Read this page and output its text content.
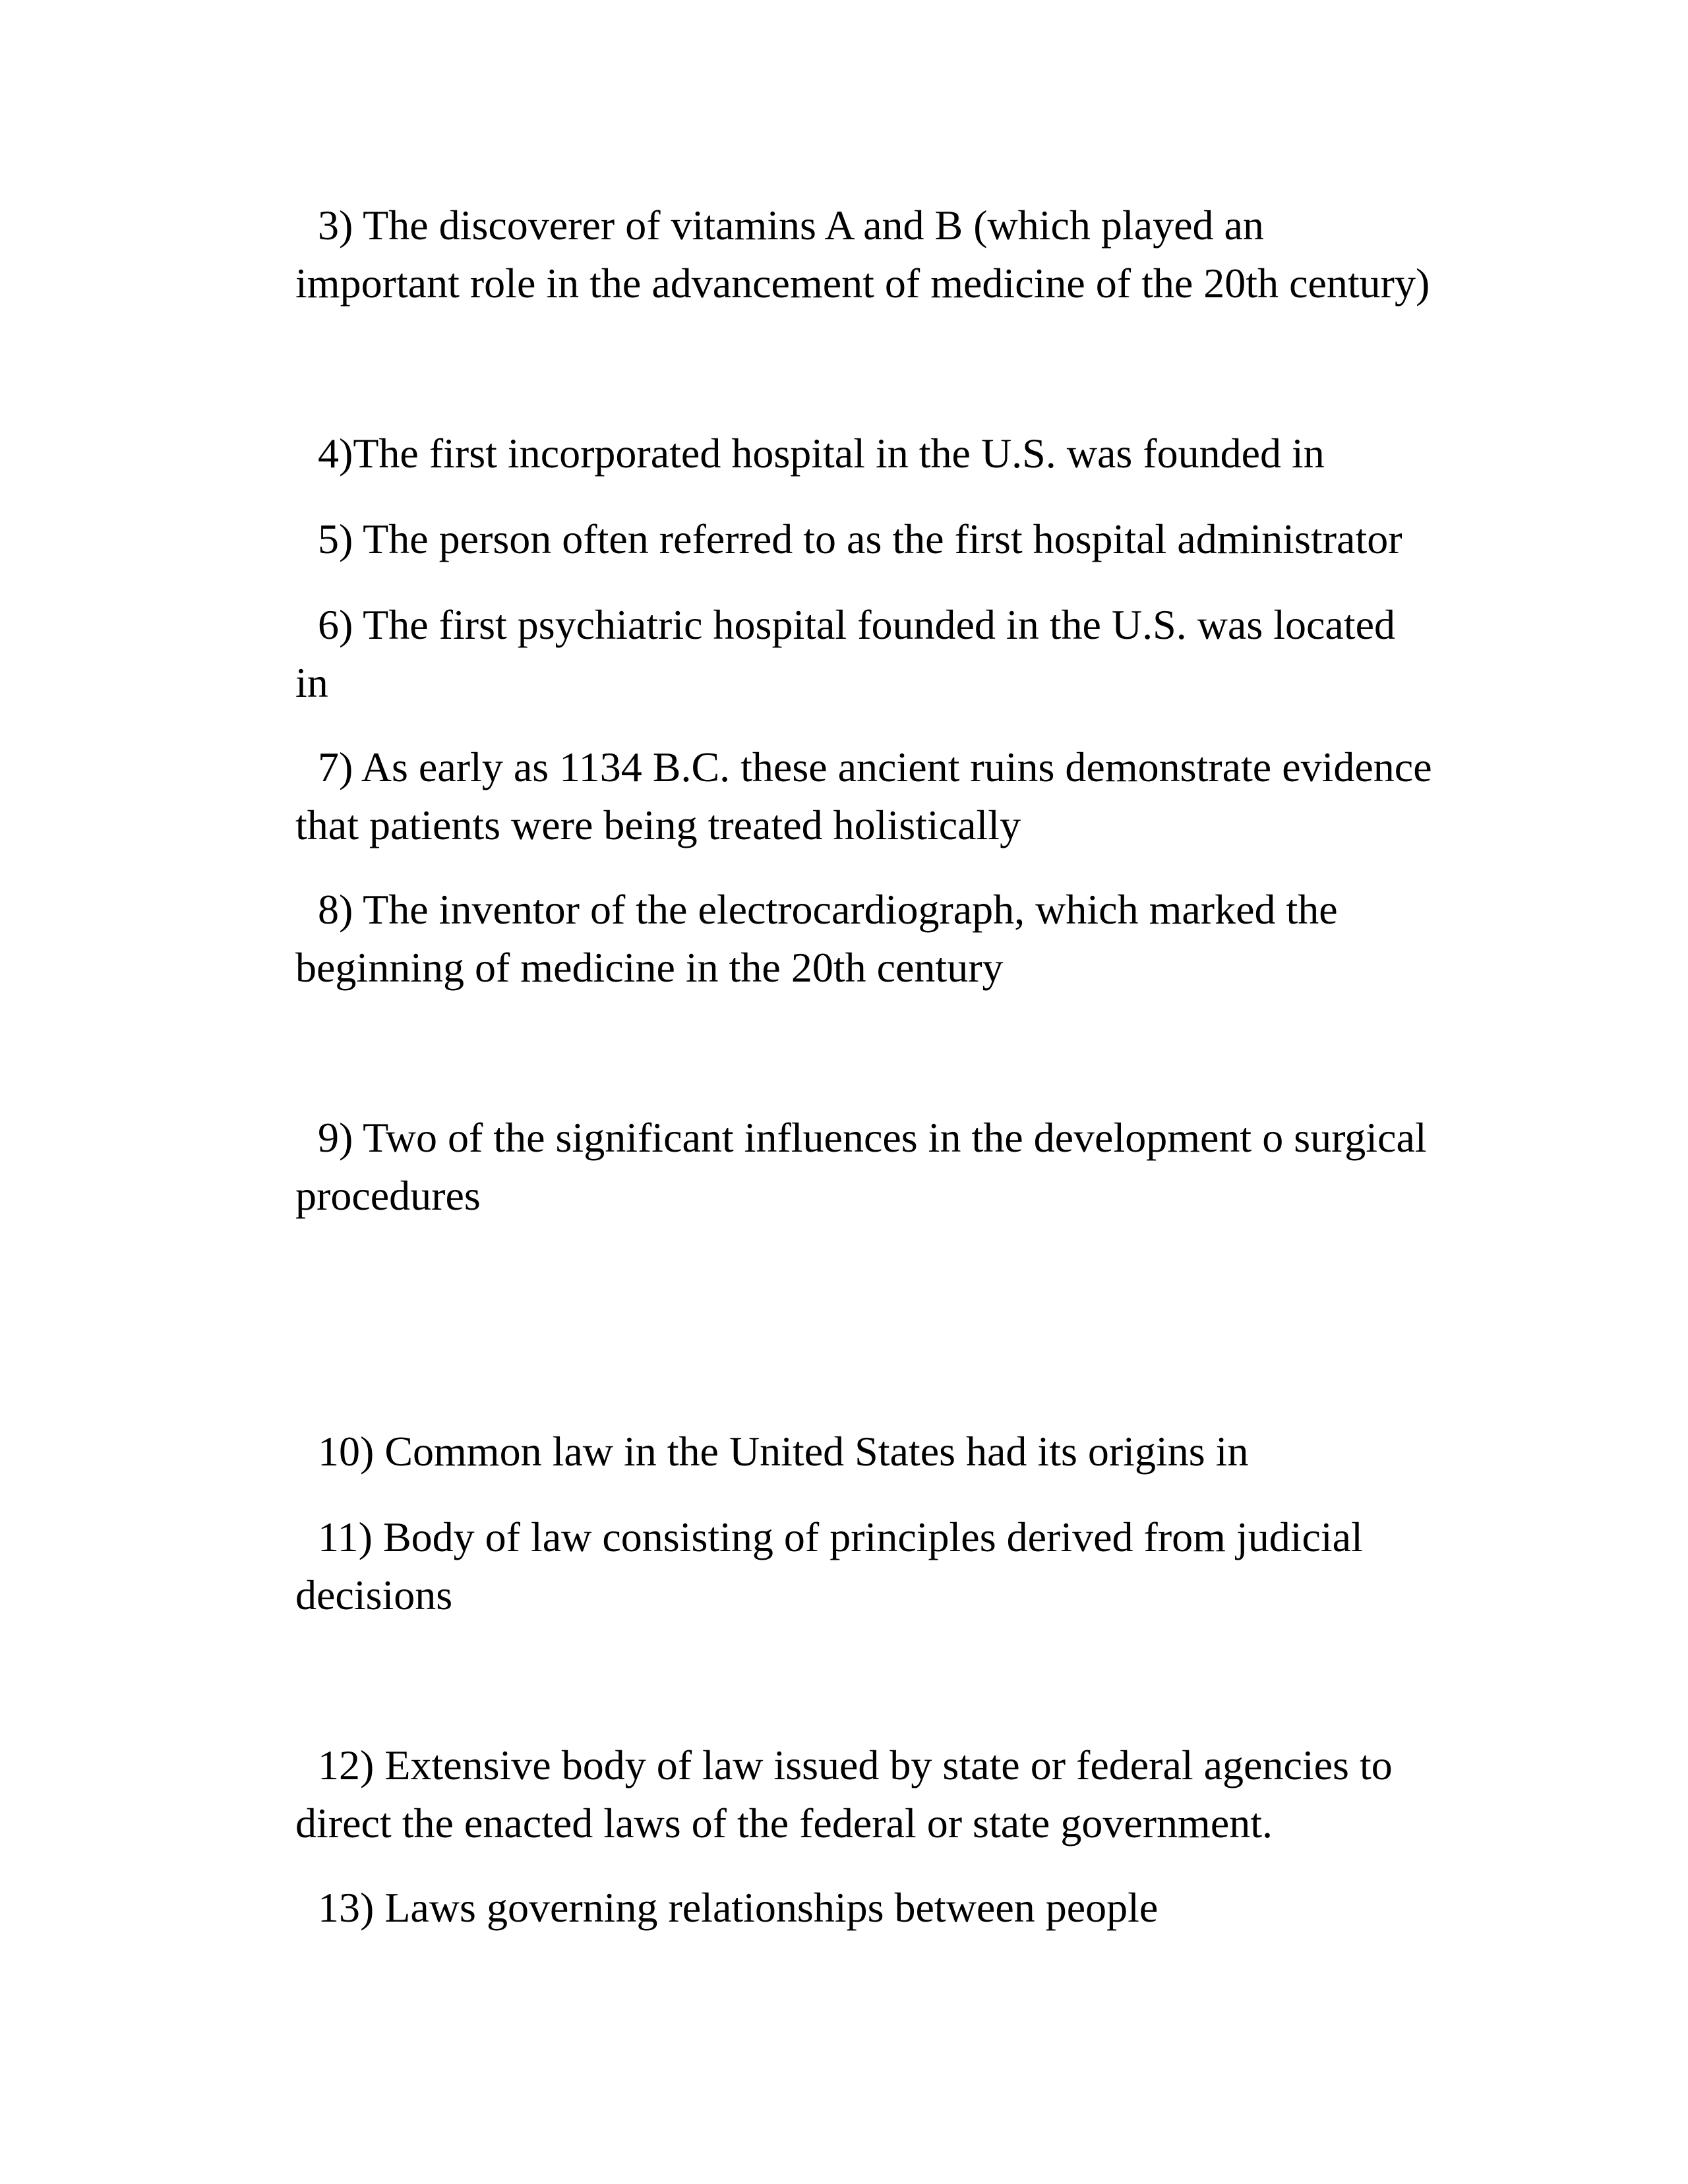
3) The discoverer of vitamins A and B (which played an
important role in the advancement of medicine of the 20th century)
4)The first incorporated hospital in the U.S. was founded in
5) The person often referred to as the first hospital administrator
6) The first psychiatric hospital founded in the U.S. was located
in
7) As early as 1134 B.C. these ancient ruins demonstrate evidence
that patients were being treated holistically
8) The inventor of the electrocardiograph, which marked the
beginning of medicine in the 20th century
9) Two of the significant influences in the development o surgical
procedures
10) Common law in the United States had its origins in
11) Body of law consisting of principles derived from judicial
decisions
12) Extensive body of law issued by state or federal agencies to
direct the enacted laws of the federal or state government.
13) Laws governing relationships between people
